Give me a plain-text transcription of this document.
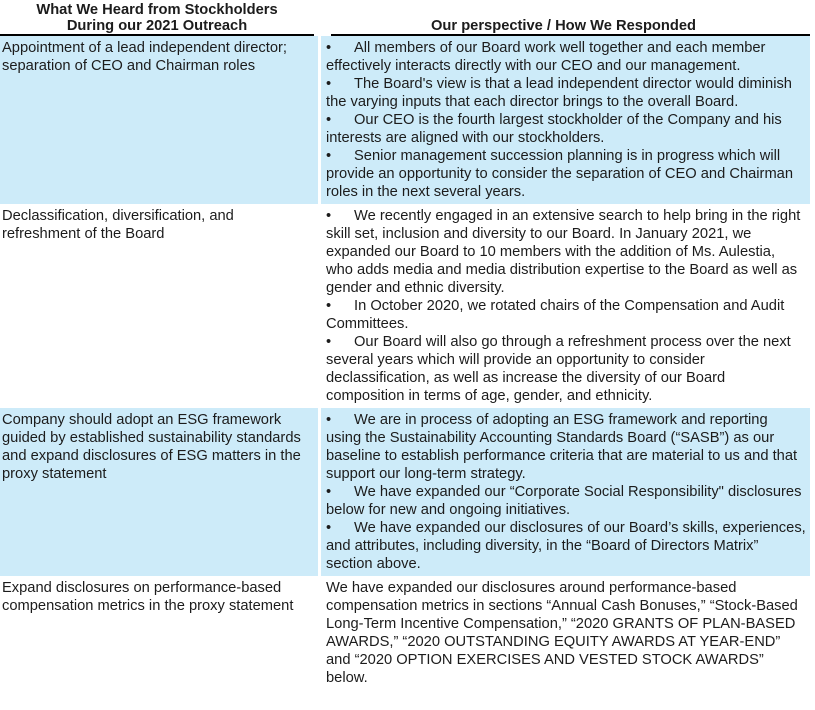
What We Heard from Stockholders
During our 2021 Outreach	Our perspective / How We Responded
Appointment of a lead independent director; separation of CEO and Chairman roles

• All members of our Board work well together and each member effectively interacts directly with our CEO and our management.

• The Board's view is that a lead independent director would diminish the varying inputs that each director brings to the overall Board.

• Our CEO is the fourth largest stockholder of the Company and his interests are aligned with our stockholders.

• Senior management succession planning is in progress which will provide an opportunity to consider the separation of CEO and Chairman roles in the next several years.

Declassification, diversification, and refreshment of the Board

• We recently engaged in an extensive search to help bring in the right skill set, inclusion and diversity to our Board. In January 2021, we expanded our Board to 10 members with the addition of Ms. Aulestia, who adds media and media distribution expertise to the Board as well as gender and ethnic diversity.

• In October 2020, we rotated chairs of the Compensation and Audit Committees.

• Our Board will also go through a refreshment process over the next several years which will provide an opportunity to consider declassification, as well as increase the diversity of our Board composition in terms of age, gender, and ethnicity.

Company should adopt an ESG framework guided by established sustainability standards and expand disclosures of ESG matters in the proxy statement

• We are in process of adopting an ESG framework and reporting using the Sustainability Accounting Standards Board (“SASB”) as our baseline to establish performance criteria that are material to us and that support our long-term strategy.

• We have expanded our “Corporate Social Responsibility" disclosures below for new and ongoing initiatives.

• We have expanded our disclosures of our Board’s skills, experiences, and attributes, including diversity, in the “Board of Directors Matrix” section above.

Expand disclosures on performance-based compensation metrics in the proxy statement

We have expanded our disclosures around performance-based compensation metrics in sections “Annual Cash Bonuses,” “Stock-Based Long-Term Incentive Compensation,” “2020 GRANTS OF PLAN-BASED AWARDS,” “2020 OUTSTANDING EQUITY AWARDS AT YEAR-END” and “2020 OPTION EXERCISES AND VESTED STOCK AWARDS” below.
